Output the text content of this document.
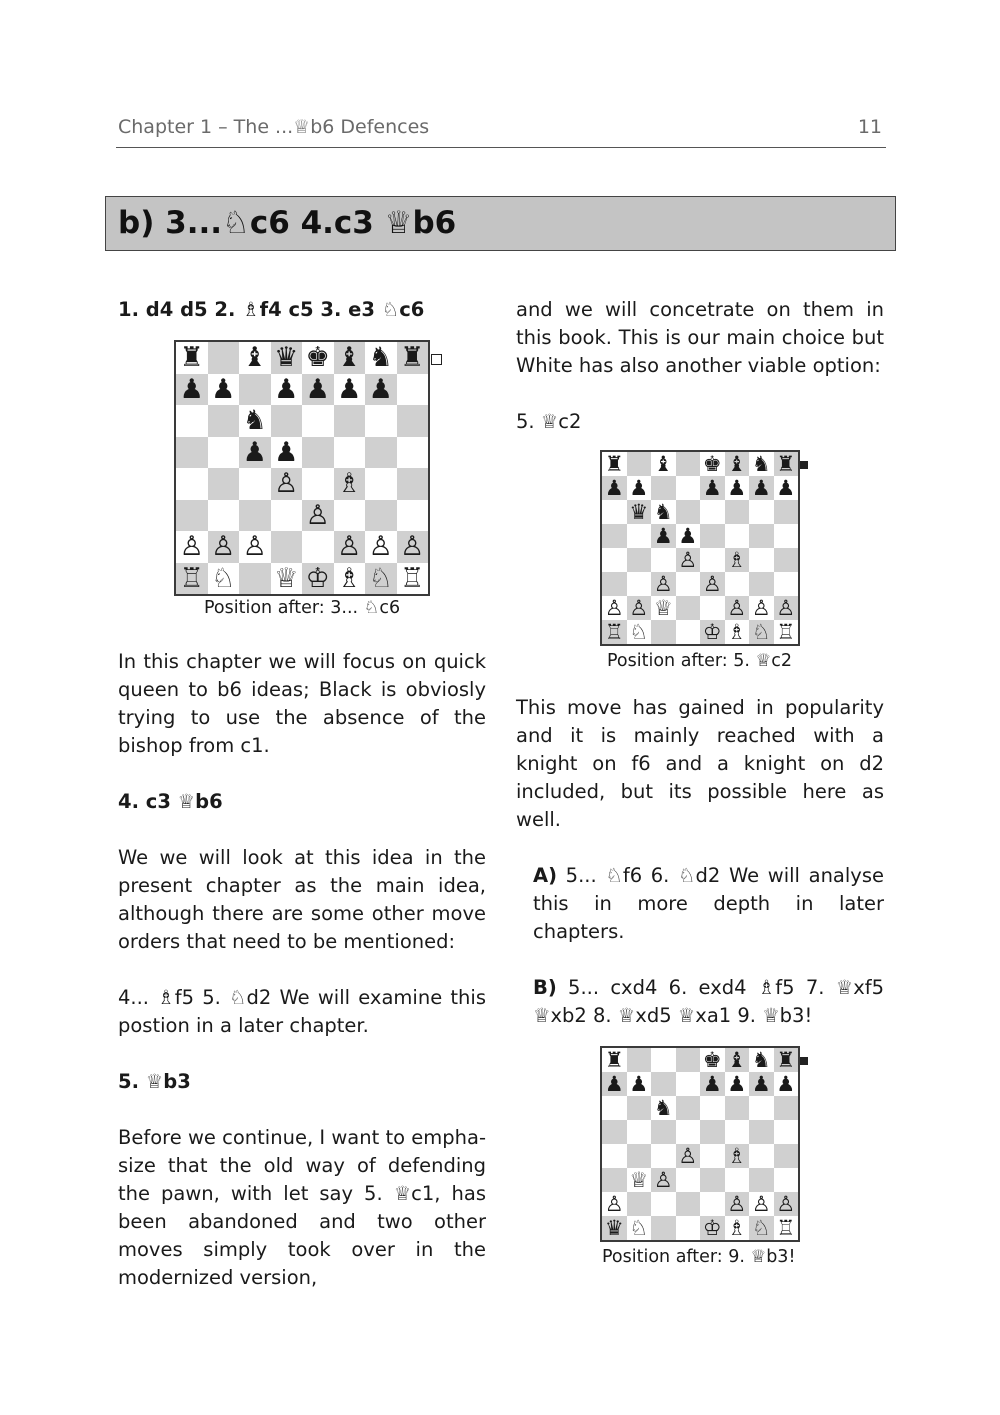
Chapter 1 – The ...♕b6 Defences	11
b) 3...♘c6 4.c3 ♕b6
1. d4 d5 2. ♗f4 c5 3. e3 ♘c6
♜ ♝ ♛ ♚ ♝ ♞ ♜
♟ ♟ ♟ ♟ ♟ ♟
♞
♟ ♟
♙ ♗
♙
♙ ♙ ♙	♙ ♙ ♙
♖ ♘ ♕ ♔ ♗ ♘ ♖
Position after: 3... ♘c6
In this chapter we will focus on quick queen to b6 ideas; Black is obviosly trying to use the absence of the bishop from c1.
4. c3 ♕b6
We we will look at this idea in the present chapter as the main idea, although there are some other move orders that need to be mentioned:
4... ♗f5 5. ♘d2 We will examine this postion in a later chapter.
5. ♕b3
Before we continue, I want to emphasize that the old way of defending the pawn, with let say 5. ♕c1, has been abandoned and two other moves simply took over in the modernized version,
and we will concetrate on them in this book. This is our main choice but White has also another viable option:
5. ♕c2
♜ ♝ ♚ ♝ ♞ ♜
♟ ♟	♟ ♟ ♟ ♟
♛ ♞
♟ ♟
♙ ♗
♙ ♙
♙ ♙ ♕	♙ ♙ ♙
♖ ♘	♔ ♗ ♘ ♖
Position after: 5. ♕c2
This move has gained in popularity and it is mainly reached with a knight on f6 and a knight on d2 included, but its possible here as well.
A) 5... ♘f6 6. ♘d2 We will analyse this in more depth in later chapters.
B) 5... cxd4 6. exd4 ♗f5 7. ♕xf5 ♕xb2 8. ♕xd5 ♕xa1 9. ♕b3!
♜	♚ ♝ ♞ ♜
♟ ♟	♟ ♟ ♟ ♟
♞
♙ ♗
♕ ♙
♙	♙ ♙ ♙
♛ ♘	♔ ♗ ♘ ♖
Position after: 9. ♕b3!
